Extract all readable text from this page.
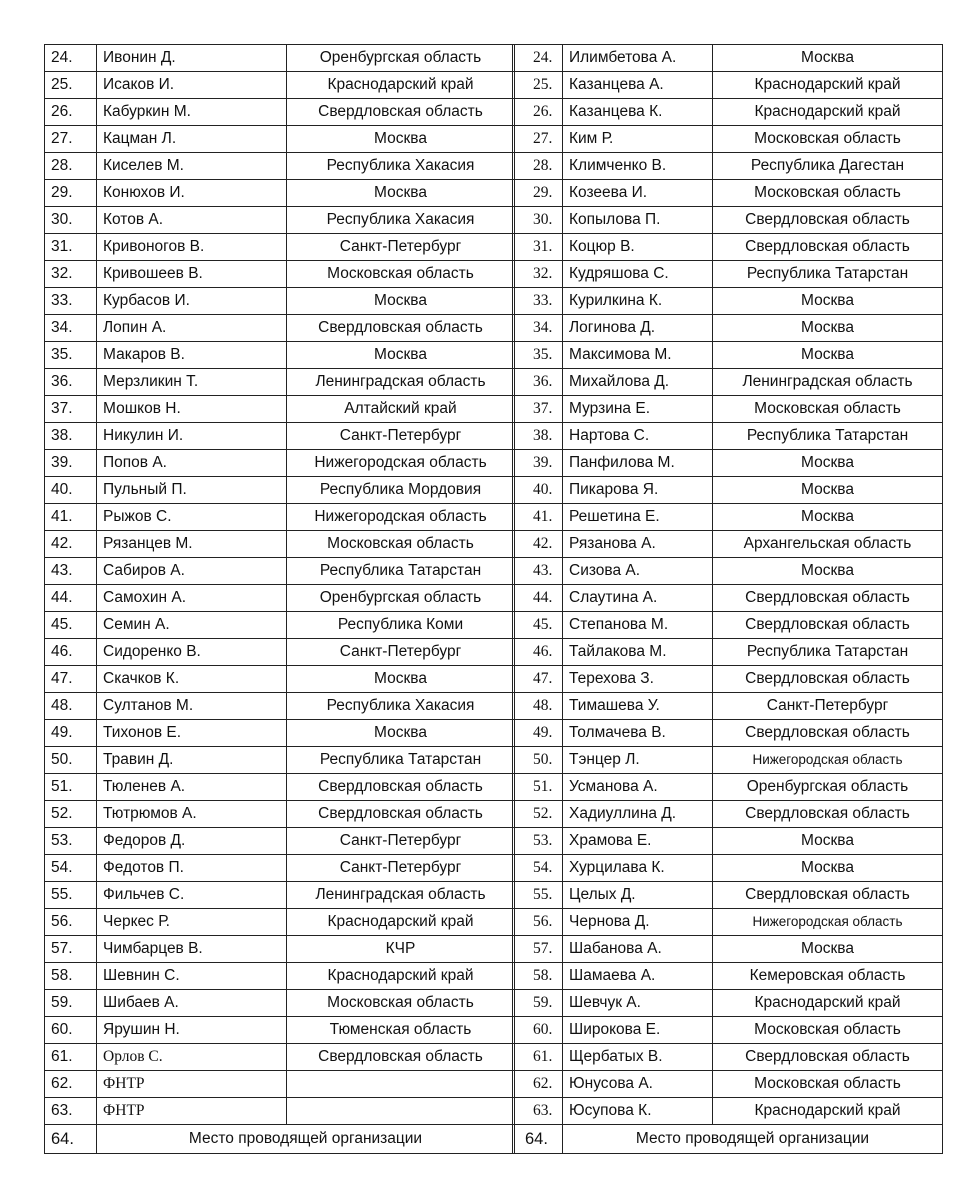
24.	Ивонин Д.	Оренбургская область
25.	Исаков И.	Краснодарский край
26.	Кабуркин М.	Свердловская область
27.	Кацман Л.	Москва
28.	Киселев М.	Республика Хакасия
29.	Конюхов И.	Москва
30.	Котов А.	Республика Хакасия
31.	Кривоногов В.	Санкт-Петербург
32.	Кривошеев В.	Московская область
33.	Курбасов И.	Москва
34.	Лопин А.	Свердловская область
35.	Макаров В.	Москва
36.	Мерзликин Т.	Ленинградская область
37.	Мошков Н.	Алтайский край
38.	Никулин И.	Санкт-Петербург
39.	Попов А.	Нижегородская область
40.	Пульный П.	Республика Мордовия
41.	Рыжов С.	Нижегородская область
42.	Рязанцев М.	Московская область
43.	Сабиров А.	Республика Татарстан
44.	Самохин А.	Оренбургская область
45.	Семин А.	Республика Коми
46.	Сидоренко В.	Санкт-Петербург
47.	Скачков К.	Москва
48.	Султанов М.	Республика Хакасия
49.	Тихонов Е.	Москва
50.	Травин Д.	Республика Татарстан
51.	Тюленев А.	Свердловская область
52.	Тютрюмов А.	Свердловская область
53.	Федоров Д.	Санкт-Петербург
54.	Федотов П.	Санкт-Петербург
55.	Фильчев С.	Ленинградская область
56.	Черкес Р.	Краснодарский край
57.	Чимбарцев В.	КЧР
58.	Шевнин С.	Краснодарский край
59.	Шибаев А.	Московская область
60.	Ярушин Н.	Тюменская область
61.	Орлов С.	Свердловская область
62.	ФНТР	
63.	ФНТР	
64.	Место проводящей организации	
24.	Илимбетова А.	Москва
25.	Казанцева А.	Краснодарский край
26.	Казанцева К.	Краснодарский край
27.	Ким Р.	Московская область
28.	Климченко В.	Республика Дагестан
29.	Козеева И.	Московская область
30.	Копылова П.	Свердловская область
31.	Коцюр В.	Свердловская область
32.	Кудряшова С.	Республика Татарстан
33.	Курилкина К.	Москва
34.	Логинова Д.	Москва
35.	Максимова М.	Москва
36.	Михайлова Д.	Ленинградская область
37.	Мурзина Е.	Московская область
38.	Нартова С.	Республика Татарстан
39.	Панфилова М.	Москва
40.	Пикарова Я.	Москва
41.	Решетина Е.	Москва
42.	Рязанова А.	Архангельская область
43.	Сизова А.	Москва
44.	Слаутина А.	Свердловская область
45.	Степанова М.	Свердловская область
46.	Тайлакова М.	Республика Татарстан
47.	Терехова З.	Свердловская область
48.	Тимашева У.	Санкт-Петербург
49.	Толмачева В.	Свердловская область
50.	Тэнцер Л.	Нижегородская область
51.	Усманова А.	Оренбургская область
52.	Хадиуллина Д.	Свердловская область
53.	Храмова Е.	Москва
54.	Хурцилава К.	Москва
55.	Целых Д.	Свердловская область
56.	Чернова Д.	Нижегородская область
57.	Шабанова А.	Москва
58.	Шамаева А.	Кемеровская область
59.	Шевчук А.	Краснодарский край
60.	Широкова Е.	Московская область
61.	Щербатых В.	Свердловская область
62.	Юнусова А.	Московская область
63.	Юсупова К.	Краснодарский край
64.	Место проводящей организации	
